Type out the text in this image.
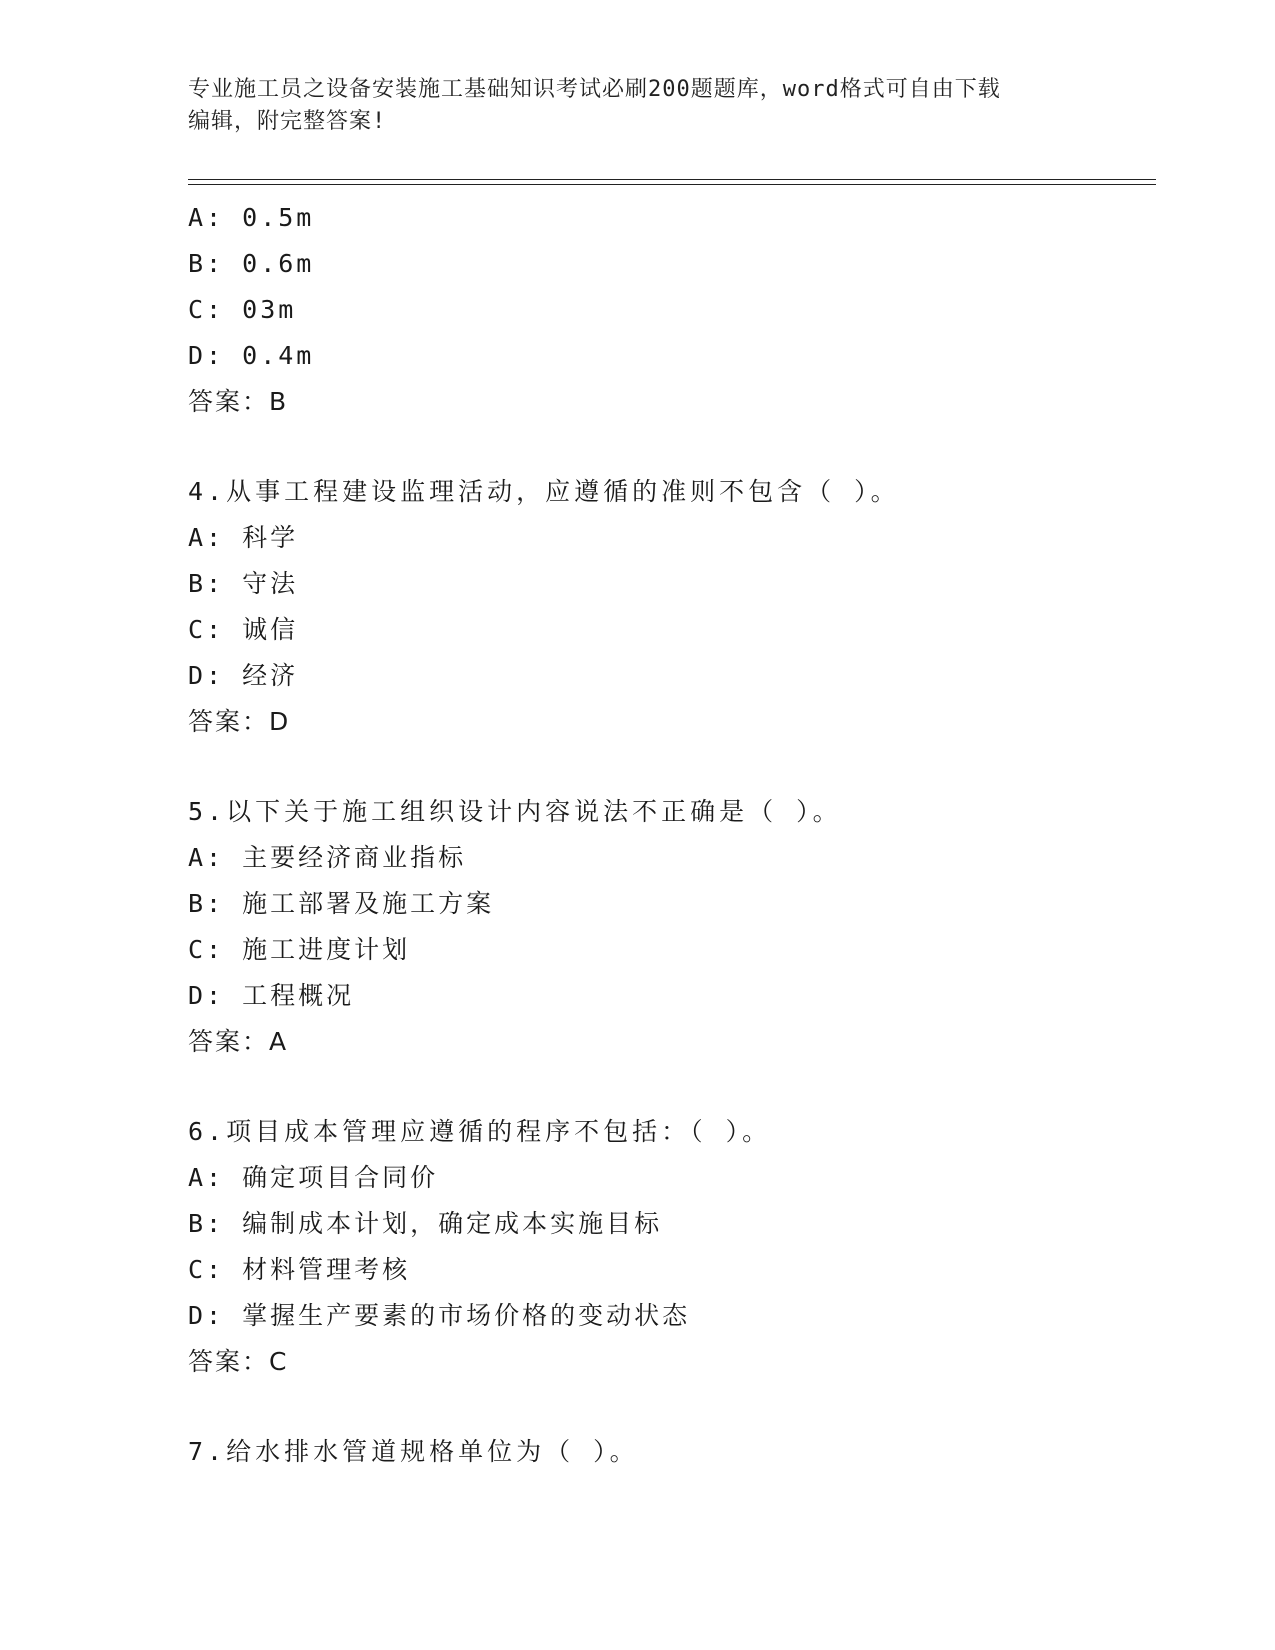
专业施工员之设备安装施工基础知识考试必刷200题题库，word格式可自由下载
编辑，附完整答案!
A: 0.5m
B: 0.6m
C: 03m
D: 0.4m
答案：B
4.从事工程建设监理活动，应遵循的准则不包含（ ）。
A: 科学
B: 守法
C: 诚信
D: 经济
答案：D
5.以下关于施工组织设计内容说法不正确是（ ）。
A: 主要经济商业指标
B: 施工部署及施工方案
C: 施工进度计划
D: 工程概况
答案：A
6.项目成本管理应遵循的程序不包括：（ ）。
A: 确定项目合同价
B: 编制成本计划，确定成本实施目标
C: 材料管理考核
D: 掌握生产要素的市场价格的变动状态
答案：C
7.给水排水管道规格单位为（ ）。
